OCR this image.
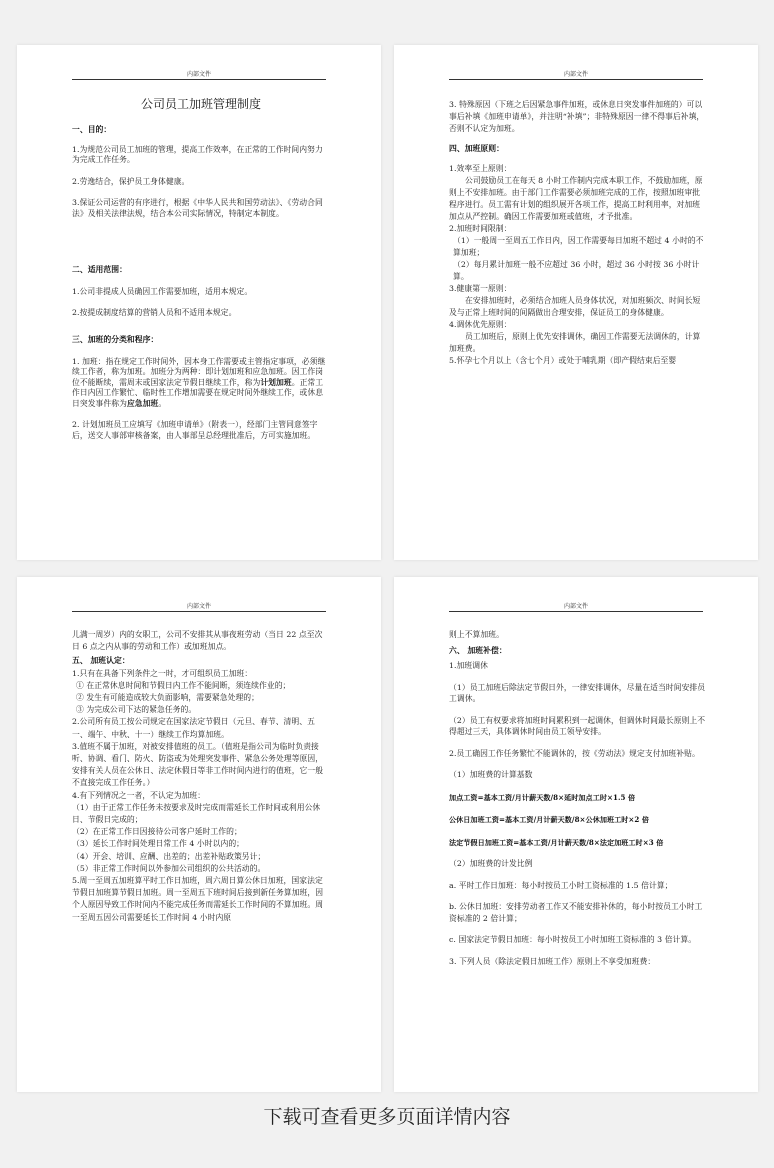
内部文件
公司员工加班管理制度

一、目的：

1.为规范公司员工加班的管理，提高工作效率，在正常的工作时间内努力为完成工作任务。

2.劳逸结合，保护员工身体健康。

3.保证公司运营的有序进行，根据《中华人民共和国劳动法》、《劳动合同法》及相关法律法规，结合本公司实际情况，特制定本制度。

二、适用范围：

1.公司非提成人员确因工作需要加班，适用本规定。

2.按提成制度结算的营销人员和不适用本规定。

三、加班的分类和程序：

1. 加班：指在规定工作时间外，因本身工作需要或主管指定事项，必须继续工作者，称为加班。加班分为两种：即计划加班和应急加班。因工作岗位不能断续，需周末或国家法定节假日继续工作，称为计划加班。正常工作日内因工作繁忙、临时性工作增加需要在规定时间外继续工作，或休息日突发事件称为应急加班。

2. 计划加班员工应填写《加班申请单》（附表一），经部门主管同意签字后，送交人事部审核备案，由人事部呈总经理批准后，方可实施加班。

内部文件

3. 特殊原因（下班之后因紧急事件加班，或休息日突发事件加班的）可以事后补填《加班申请单》，并注明“补填”；非特殊原因一律不得事后补填，否则不认定为加班。

四、加班原则：

1.效率至上原则：

公司鼓励员工在每天 8 小时工作制内完成本职工作，不鼓励加班，原则上不安排加班。由于部门工作需要必须加班完成的工作，按照加班审批程序进行。员工需有计划的组织展开各项工作，提高工时利用率，对加班加点从严控制。确因工作需要加班或值班，才予批准。

2.加班时间限制：

（1）一般周一至周五工作日内，因工作需要每日加班不超过 4 小时的不算加班；

（2）每月累计加班一般不应超过 36 小时，超过 36 小时按 36 小时计算。

3.健康第一原则：

在安排加班时，必须结合加班人员身体状况，对加班频次、时间长短及与正常上班时间的间隔做出合理安排，保证员工的身体健康。

4.调休优先原则：

员工加班后，原则上优先安排调休，确因工作需要无法调休的，计算加班费。

5.怀孕七个月以上（含七个月）或处于哺乳期（即产假结束后至婴

内部文件

儿满一周岁）内的女职工，公司不安排其从事夜班劳动（当日 22 点至次日 6 点之内从事的劳动和工作）或加班加点。

五、 加班认定：

1.只有在具备下列条件之一时，才可组织员工加班：

① 在正常休息时间和节假日内工作不能间断，须连续作业的；

② 发生有可能造成较大负面影响，需要紧急处理的；

③ 为完成公司下达的紧急任务的。

2.公司所有员工按公司规定在国家法定节假日（元旦、春节、清明、五一、端午、中秋、十一）继续工作均算加班。

3.值班不属于加班，对被安排值班的员工。（值班是指公司为临时负责接听、协调、看门、防火、防盗或为处理突发事件、紧急公务处理等原因，安排有关人员在公休日、法定休假日等非工作时间内进行的值班，它一般不直接完成工作任务。）

4.有下列情况之一者，不认定为加班：

（1）由于正常工作任务未按要求及时完成而需延长工作时间或利用公休日、节假日完成的；

（2）在正常工作日因接待公司客户延时工作的；

（3）延长工作时间处理日常工作 4 小时以内的；

（4）开会、培训、应酬、出差的；出差补贴政策另计；

（5）非正常工作时间以外参加公司组织的公共活动的。

5.周一至周五加班算平时工作日加班，周六周日算公休日加班，国家法定节假日加班算节假日加班。周一至周五下班时间后接到新任务算加班，因个人原因导致工作时间内不能完成任务而需延长工作时间的不算加班。周一至周五因公司需要延长工作时间 4 小时内原

内部文件

则上不算加班。

六、 加班补偿：

1.加班调休

（1）员工加班后除法定节假日外，一律安排调休，尽量在适当时间安排员工调休。

（2）员工有权要求将加班时间累积到一起调休，但调休时间最长原则上不得超过三天，具体调休时间由员工领导安排。

2.员工确因工作任务繁忙不能调休的，按《劳动法》规定支付加班补贴。

（1）加班费的计算基数

加点工资=基本工资/月计薪天数/8×延时加点工时×1.5 倍

公休日加班工资=基本工资/月计薪天数/8×公休加班工时×2 倍

法定节假日加班工资=基本工资/月计薪天数/8×法定加班工时×3 倍

（2）加班费的计发比例

a. 平时工作日加班：每小时按员工小时工资标准的 1.5 倍计算；

b. 公休日加班：安排劳动者工作又不能安排补休的，每小时按员工小时工资标准的 2 倍计算；

c. 国家法定节假日加班：每小时按员工小时加班工资标准的 3 倍计算。

3. 下列人员（除法定假日加班工作）原则上不享受加班费：

下载可查看更多页面详情内容
